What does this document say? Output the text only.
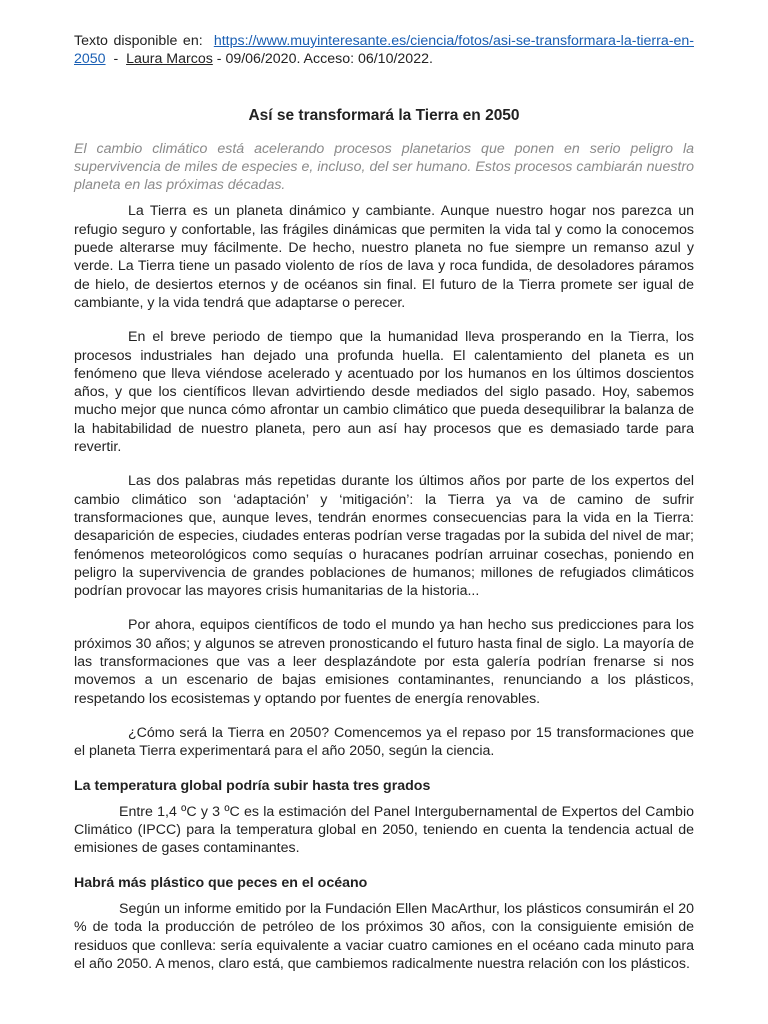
Texto disponible en: https://www.muyinteresante.es/ciencia/fotos/asi-se-transformara-la-tierra-en-2050 - Laura Marcos - 09/06/2020. Acceso: 06/10/2022.

Así se transformará la Tierra en 2050

El cambio climático está acelerando procesos planetarios que ponen en serio peligro la supervivencia de miles de especies e, incluso, del ser humano. Estos procesos cambiarán nuestro planeta en las próximas décadas.

La Tierra es un planeta dinámico y cambiante. Aunque nuestro hogar nos parezca un refugio seguro y confortable, las frágiles dinámicas que permiten la vida tal y como la conocemos puede alterarse muy fácilmente. De hecho, nuestro planeta no fue siempre un remanso azul y verde. La Tierra tiene un pasado violento de ríos de lava y roca fundida, de desoladores páramos de hielo, de desiertos eternos y de océanos sin final. El futuro de la Tierra promete ser igual de cambiante, y la vida tendrá que adaptarse o perecer.

En el breve periodo de tiempo que la humanidad lleva prosperando en la Tierra, los procesos industriales han dejado una profunda huella. El calentamiento del planeta es un fenómeno que lleva viéndose acelerado y acentuado por los humanos en los últimos doscientos años, y que los científicos llevan advirtiendo desde mediados del siglo pasado. Hoy, sabemos mucho mejor que nunca cómo afrontar un cambio climático que pueda desequilibrar la balanza de la habitabilidad de nuestro planeta, pero aun así hay procesos que es demasiado tarde para revertir.

Las dos palabras más repetidas durante los últimos años por parte de los expertos del cambio climático son ‘adaptación’ y ‘mitigación’: la Tierra ya va de camino de sufrir transformaciones que, aunque leves, tendrán enormes consecuencias para la vida en la Tierra: desaparición de especies, ciudades enteras podrían verse tragadas por la subida del nivel de mar; fenómenos meteorológicos como sequías o huracanes podrían arruinar cosechas, poniendo en peligro la supervivencia de grandes poblaciones de humanos; millones de refugiados climáticos podrían provocar las mayores crisis humanitarias de la historia...

Por ahora, equipos científicos de todo el mundo ya han hecho sus predicciones para los próximos 30 años; y algunos se atreven pronosticando el futuro hasta final de siglo. La mayoría de las transformaciones que vas a leer desplazándote por esta galería podrían frenarse si nos movemos a un escenario de bajas emisiones contaminantes, renunciando a los plásticos, respetando los ecosistemas y optando por fuentes de energía renovables.

¿Cómo será la Tierra en 2050? Comencemos ya el repaso por 15 transformaciones que el planeta Tierra experimentará para el año 2050, según la ciencia.

La temperatura global podría subir hasta tres grados

Entre 1,4 ºC y 3 ºC es la estimación del Panel Intergubernamental de Expertos del Cambio Climático (IPCC) para la temperatura global en 2050, teniendo en cuenta la tendencia actual de emisiones de gases contaminantes.

Habrá más plástico que peces en el océano

Según un informe emitido por la Fundación Ellen MacArthur, los plásticos consumirán el 20 % de toda la producción de petróleo de los próximos 30 años, con la consiguiente emisión de residuos que conlleva: sería equivalente a vaciar cuatro camiones en el océano cada minuto para el año 2050. A menos, claro está, que cambiemos radicalmente nuestra relación con los plásticos.
